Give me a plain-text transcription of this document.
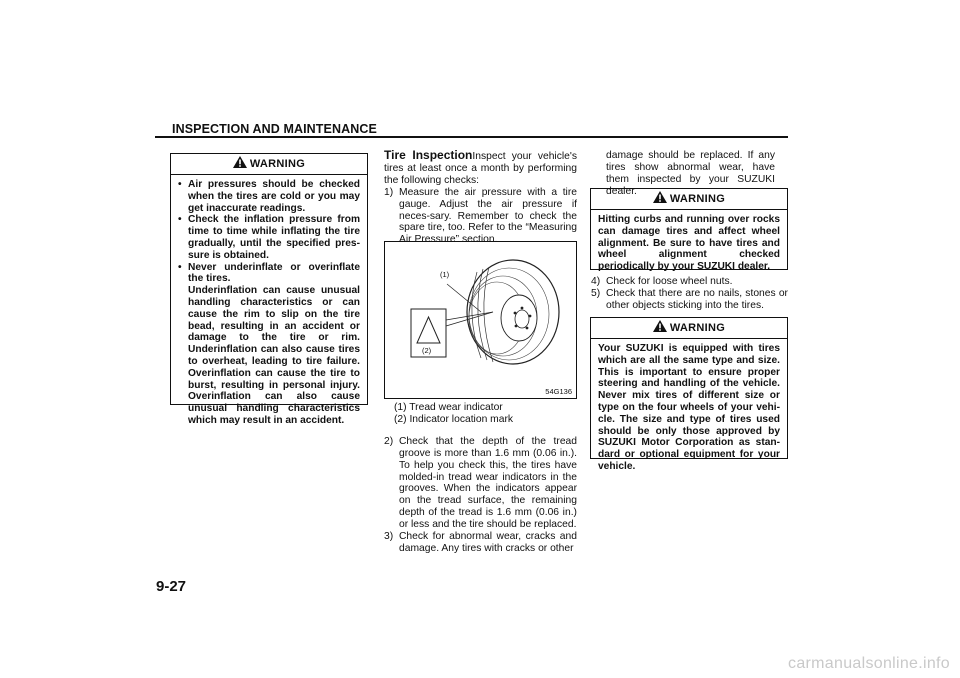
INSPECTION AND MAINTENANCE
WARNING
• Air pressures should be checked when the tires are cold or you may get inaccurate readings.
• Check the inflation pressure from time to time while inflating the tire gradually, until the specified pres-sure is obtained.
• Never underinflate or overinflate the tires.

Underinflation can cause unusual handling characteristics or can cause the rim to slip on the tire bead, resulting in an accident or damage to the tire or rim. Underinflation can also cause tires to overheat, leading to tire failure. Overinflation can cause the tire to burst, resulting in personal injury. Overinflation can also cause unusual handling characteristics which may result in an accident.

Tire InspectionInspect your vehicle's tires at least once a month by performing the following checks:

1) Measure the air pressure with a tire gauge. Adjust the air pressure if neces-sary. Remember to check the spare tire, too. Refer to the “Measuring Air Pressure” section.
(1)
(2)
54G136

(1) Tread wear indicator

(2) Indicator location mark

2) Check that the depth of the tread groove is more than 1.6 mm (0.06 in.). To help you check this, the tires have molded-in tread wear indicators in the grooves. When the indicators appear on the tread surface, the remaining depth of the tread is 1.6 mm (0.06 in.) or less and the tire should be replaced.
3) Check for abnormal wear, cracks and damage. Any tires with cracks or other
damage should be replaced. If any tires show abnormal wear, have them inspected by your SUZUKI dealer.
WARNING

Hitting curbs and running over rocks can damage tires and affect wheel alignment. Be sure to have tires and wheel alignment checked periodically by your SUZUKI dealer.

4) Check for loose wheel nuts.
5) Check that there are no nails, stones or other objects sticking into the tires.
WARNING

Your SUZUKI is equipped with tires which are all the same type and size. This is important to ensure proper steering and handling of the vehicle. Never mix tires of different size or type on the four wheels of your vehi-cle. The size and type of tires used should be only those approved by SUZUKI Motor Corporation as stan-dard or optional equipment for your vehicle.

9-27
carmanualsonline.info
